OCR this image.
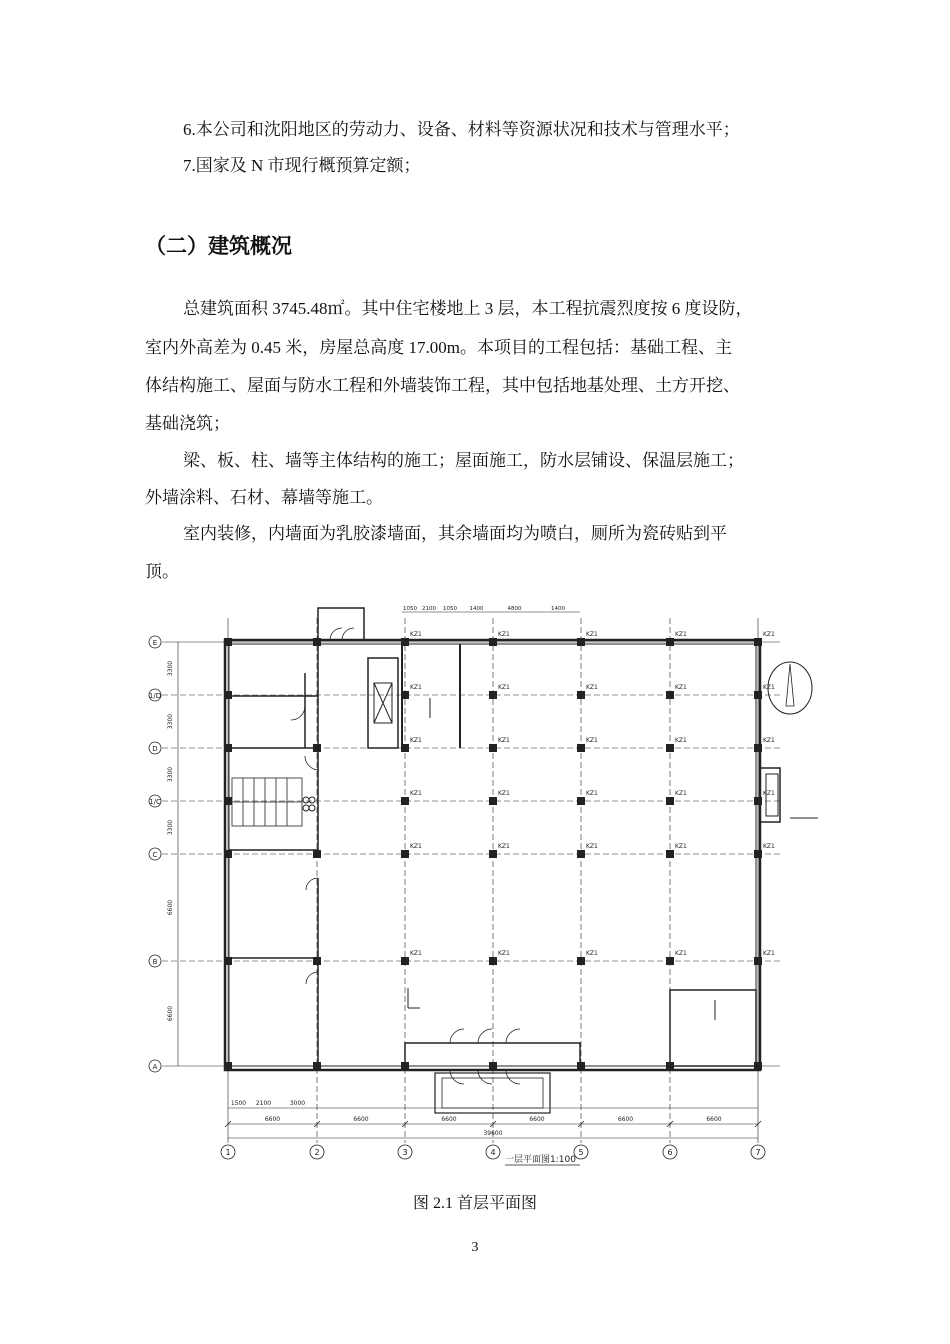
6.本公司和沈阳地区的劳动力、设备、材料等资源状况和技术与管理水平；
7.国家及 N 市现行概预算定额；
（二）建筑概况
总建筑面积 3745.48㎡。其中住宅楼地上 3 层，本工程抗震烈度按 6 度设防，
室内外高差为 0.45 米，房屋总高度 17.00m。本项目的工程包括：基础工程、主
体结构施工、屋面与防水工程和外墙装饰工程，其中包括地基处理、土方开挖、
基础浇筑；
梁、板、柱、墙等主体结构的施工；屋面施工，防水层铺设、保温层施工；
外墙涂料、石材、幕墙等施工。
室内装修，内墙面为乳胶漆墙面，其余墙面均为喷白，厕所为瓷砖贴到平
顶。
E
1/D
D
1/C
C
B
A
1	2	3	4	5	6	7
KZ1	KZ1	KZ1	KZ1	KZ1
KZ1	KZ1	KZ1	KZ1	KZ1
KZ1	KZ1	KZ1	KZ1	KZ1
KZ1	KZ1	KZ1	KZ1	KZ1
KZ1	KZ1	KZ1	KZ1	KZ1
KZ1	KZ1	KZ1	KZ1	KZ1
6600	6600	6600	6600	6600	6600
39600
1500 2100	3000
1050 2100 1050 1400	4800	1400
3300
3300
3300
3300
6600
6600
一层平面图1:100
图 2.1 首层平面图
3
